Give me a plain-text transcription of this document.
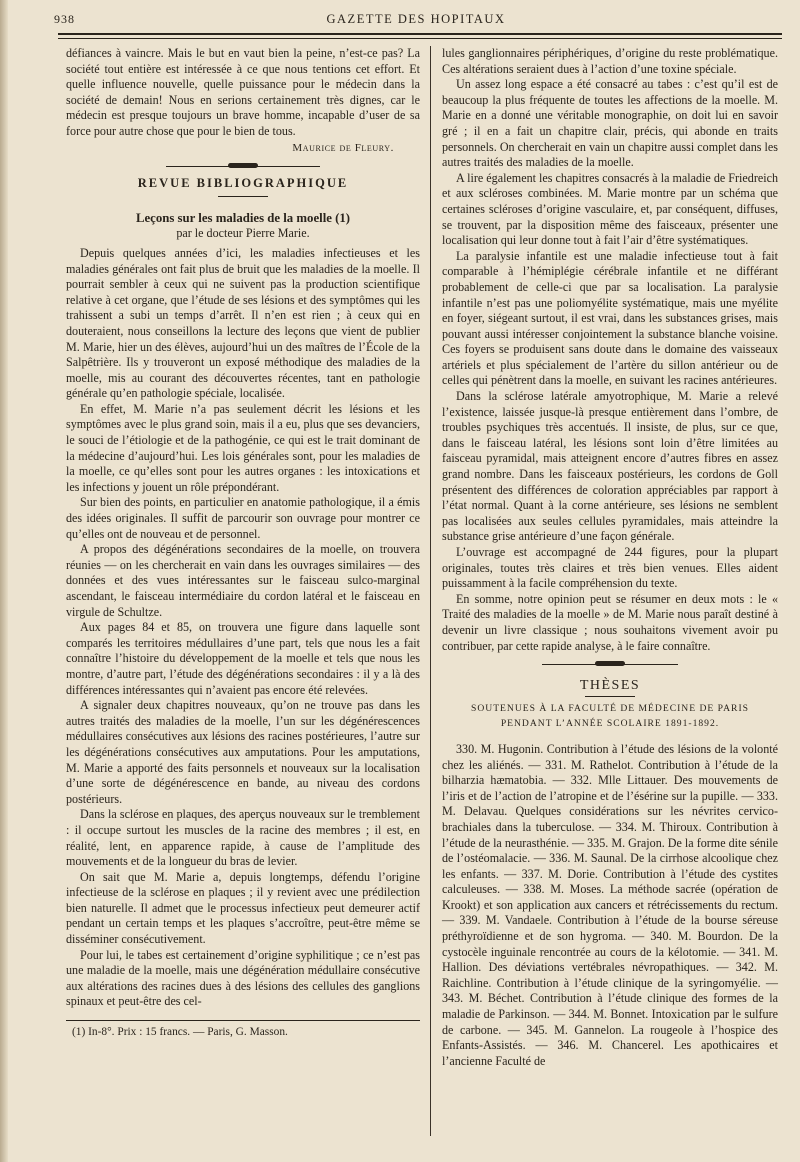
938	GAZETTE DES HOPITAUX

défiances à vaincre. Mais le but en vaut bien la peine, n’est-ce pas? La société tout entière est intéressée à ce que nous tentions cet effort. Et quelle influence nouvelle, quelle puissance pour le médecin dans la société de demain! Nous en serions certainement très dignes, car le médecin est presque toujours un brave homme, incapable d’user de sa force pour autre chose que pour le bien de tous.

Maurice de Fleury.
REVUE BIBLIOGRAPHIQUE
Leçons sur les maladies de la moelle (1)
par le docteur Pierre Marie.

Depuis quelques années d’ici, les maladies infectieuses et les maladies générales ont fait plus de bruit que les maladies de la moelle. Il pourrait sembler à ceux qui ne suivent pas la production scientifique relative à cet organe, que l’étude de ses lésions et des symptômes qui les trahissent a subi un temps d’arrêt. Il n’en est rien ; à ceux qui en douteraient, nous conseillons la lecture des leçons que vient de publier M. Marie, hier un des élèves, aujourd’hui un des maîtres de l’École de la Salpêtrière. Ils y trouveront un exposé méthodique des maladies de la moelle, mis au courant des découvertes récentes, tant en pathologie générale qu’en pathologie spéciale, localisée.

En effet, M. Marie n’a pas seulement décrit les lésions et les symptômes avec le plus grand soin, mais il a eu, plus que ses devanciers, le souci de l’étiologie et de la pathogénie, ce qui est le trait dominant de la médecine d’aujourd’hui. Les lois générales sont, pour les maladies de la moelle, ce qu’elles sont pour les autres organes : les intoxications et les infections y jouent un rôle prépondérant.

Sur bien des points, en particulier en anatomie pathologique, il a émis des idées originales. Il suffit de parcourir son ouvrage pour montrer ce qu’elles ont de nouveau et de personnel.

A propos des dégénérations secondaires de la moelle, on trouvera réunies — on les chercherait en vain dans les ouvrages similaires — des données et des vues intéressantes sur le faisceau sulco-marginal ascendant, le faisceau intermédiaire du cordon latéral et le faisceau en virgule de Schultze.

Aux pages 84 et 85, on trouvera une figure dans laquelle sont comparés les territoires médullaires d’une part, tels que nous les a fait connaître l’histoire du développement de la moelle et tels que nous les montre, d’autre part, l’étude des dégénérations secondaires : il y a là des différences intéressantes qui n’avaient pas encore été relevées.

A signaler deux chapitres nouveaux, qu’on ne trouve pas dans les autres traités des maladies de la moelle, l’un sur les dégénérescences médullaires consécutives aux lésions des racines postérieures, l’autre sur les dégénérations consécutives aux amputations. Pour les amputations, M. Marie a apporté des faits personnels et nouveaux sur la localisation d’une sorte de dégénérescence en bande, au niveau des cordons postérieurs.

Dans la sclérose en plaques, des aperçus nouveaux sur le tremblement : il occupe surtout les muscles de la racine des membres ; il est, en réalité, lent, en apparence rapide, à cause de l’amplitude des mouvements et de la longueur du bras de levier.

On sait que M. Marie a, depuis longtemps, défendu l’origine infectieuse de la sclérose en plaques ; il y revient avec une prédilection bien naturelle. Il admet que le processus infectieux peut demeurer actif pendant un certain temps et les plaques s’accroître, peut-être même se disséminer consécutivement.

Pour lui, le tabes est certainement d’origine syphilitique ; ce n’est pas une maladie de la moelle, mais une dégénération médullaire consécutive aux altérations des racines dues à des lésions des cellules des ganglions spinaux et peut-être des cel-

(1) In-8°. Prix : 15 francs. — Paris, G. Masson.

lules ganglionnaires périphériques, d’origine du reste problématique. Ces altérations seraient dues à l’action d’une toxine spéciale.

Un assez long espace a été consacré au tabes : c’est qu’il est de beaucoup la plus fréquente de toutes les affections de la moelle. M. Marie en a donné une véritable monographie, on doit lui en savoir gré ; il en a fait un chapitre clair, précis, qui abonde en traits personnels. On chercherait en vain un chapitre aussi complet dans les autres traités des maladies de la moelle.

A lire également les chapitres consacrés à la maladie de Friedreich et aux scléroses combinées. M. Marie montre par un schéma que certaines scléroses d’origine vasculaire, et, par conséquent, diffuses, se trouvent, par la disposition même des faisceaux, présenter une localisation qui leur donne tout à fait l’air d’être systématiques.

La paralysie infantile est une maladie infectieuse tout à fait comparable à l’hémiplégie cérébrale infantile et ne différant probablement de celle-ci que par sa localisation. La paralysie infantile n’est pas une poliomyélite systématique, mais une myélite en foyer, siégeant surtout, il est vrai, dans les substances grises, mais pouvant aussi intéresser conjointement la substance blanche voisine. Ces foyers se produisent sans doute dans le domaine des vaisseaux artériels et plus spécialement de l’artère du sillon antérieur ou de celles qui pénètrent dans la moelle, en suivant les racines antérieures.

Dans la sclérose latérale amyotrophique, M. Marie a relevé l’existence, laissée jusque-là presque entièrement dans l’ombre, de troubles psychiques très accentués. Il insiste, de plus, sur ce que, dans le faisceau latéral, les lésions sont loin d’être limitées au faisceau pyramidal, mais atteignent encore d’autres fibres en assez grand nombre. Dans les faisceaux postérieurs, les cordons de Goll présentent des différences de coloration appréciables par rapport à l’état normal. Quant à la corne antérieure, ses lésions ne semblent pas localisées aux seules cellules pyramidales, mais atteindre la substance grise antérieure d’une façon générale.

L’ouvrage est accompagné de 244 figures, pour la plupart originales, toutes très claires et très bien venues. Elles aident puissamment à la facile compréhension du texte.

En somme, notre opinion peut se résumer en deux mots : le « Traité des maladies de la moelle » de M. Marie nous paraît destiné à devenir un livre classique ; nous souhaitons vivement avoir pu contribuer, par cette rapide analyse, à le faire connaître.

THÈSES
SOUTENUES À LA FACULTÉ DE MÉDECINE DE PARIS
PENDANT L’ANNÉE SCOLAIRE 1891-1892.

330. M. Hugonin. Contribution à l’étude des lésions de la volonté chez les aliénés. — 331. M. Rathelot. Contribution à l’étude de la bilharzia hæmatobia. — 332. Mlle Littauer. Des mouvements de l’iris et de l’action de l’atropine et de l’ésérine sur la pupille. — 333. M. Delavau. Quelques considérations sur les névrites cervico-brachiales dans la tuberculose. — 334. M. Thiroux. Contribution à l’étude de la neurasthénie. — 335. M. Grajon. De la forme dite sénile de l’ostéomalacie. — 336. M. Saunal. De la cirrhose alcoolique chez les enfants. — 337. M. Dorie. Contribution à l’étude des cystites calculeuses. — 338. M. Moses. La méthode sacrée (opération de Krookt) et son application aux cancers et rétrécissements du rectum. — 339. M. Vandaele. Contribution à l’étude de la bourse séreuse préthyroïdienne et de son hygroma. — 340. M. Bourdon. De la cystocèle inguinale rencontrée au cours de la kélotomie. — 341. M. Hallion. Des déviations vertébrales névropathiques. — 342. M. Raichline. Contribution à l’étude clinique de la syringomyélie. — 343. M. Béchet. Contribution à l’étude clinique des formes de la maladie de Parkinson. — 344. M. Bonnet. Intoxication par le sulfure de carbone. — 345. M. Gannelon. La rougeole à l’hospice des Enfants-Assistés. — 346. M. Chancerel. Les apothicaires et l’ancienne Faculté de
